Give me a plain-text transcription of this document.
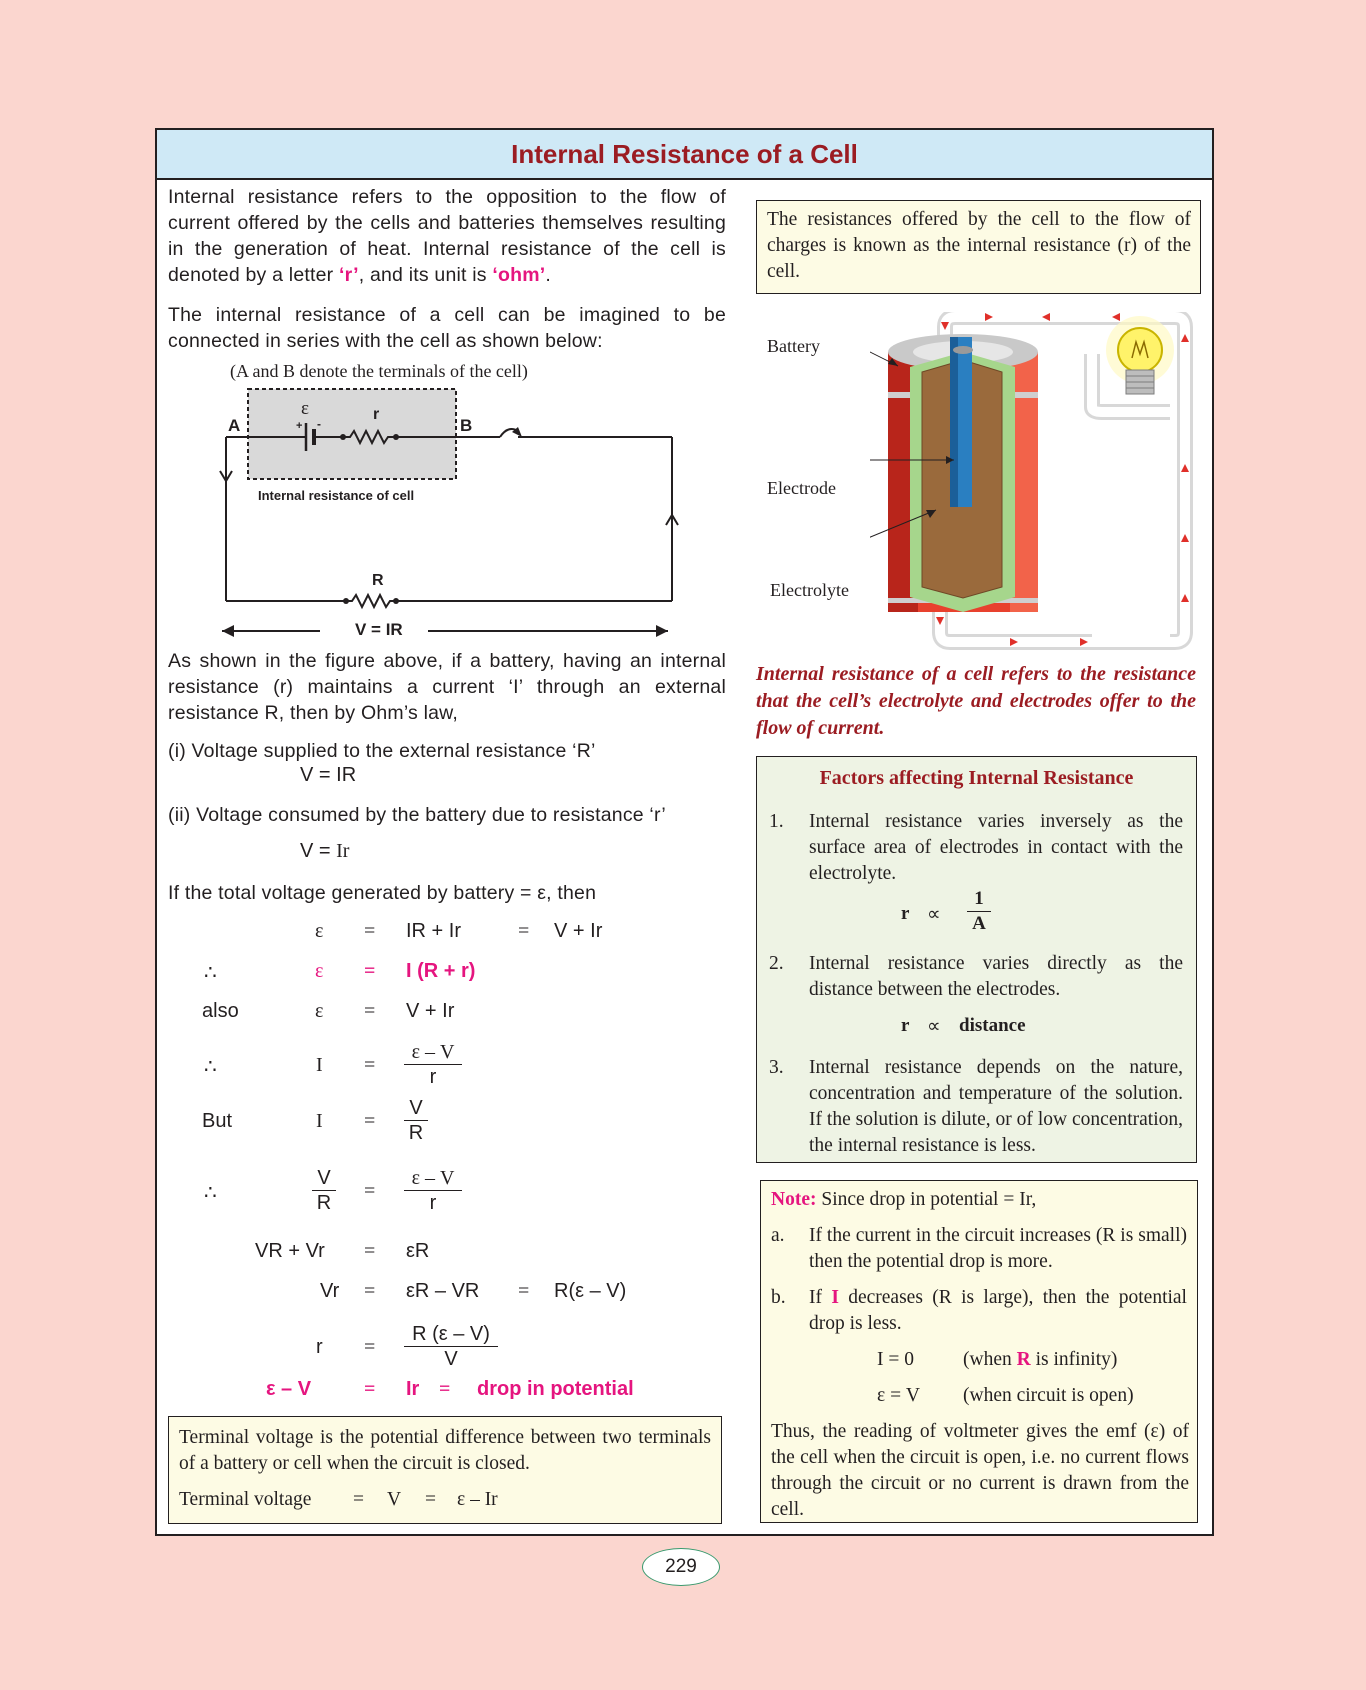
Internal Resistance of a Cell
Internal resistance refers to the opposition to the flow of current offered by the cells and batteries themselves resulting in the generation of heat. Internal resistance of the cell is denoted by a letter ‘r’, and its unit is ‘ohm’.
The internal resistance of a cell can be imagined to be connected in series with the cell as shown below:
(A and B denote the terminals of the cell)
A	B
ε
+ -
r
Internal resistance of cell
R
V = IR
As shown in the figure above, if a battery, having an internal resistance (r) maintains a current ‘I’ through an external resistance R, then by Ohm’s law,
(i) Voltage supplied to the external resistance ‘R’
V = IR
(ii) Voltage consumed by the battery due to resistance ‘r’
V = Ir
If the total voltage generated by battery = ε, then
ε = IR + Ir	= V + Ir
∴	ε = I (R + r)
also	ε = V + Ir
∴	$I = \frac{\varepsilon - V}{r}$
But	$I = \frac{V}{R}$
∴	$\frac{V}{R} = \frac{\varepsilon - V}{r}$
VR + Vr = εR
Vr = εR – VR = R(ε – V)
$r = \frac{R (\varepsilon - V)}{V}$
ε – V	= Ir = drop in potential
Terminal voltage is the potential difference between two terminals of a battery or cell when the circuit is closed.
Terminal voltage = V = ε – Ir
The resistances offered by the cell to the flow of charges is known as the internal resistance (r) of the cell.
Battery
Electrode
Electrolyte
Internal resistance of a cell refers to the resistance that the cell’s electrolyte and electrodes offer to the flow of current.
Factors affecting Internal Resistance
1. Internal resistance varies inversely as the surface area of electrodes in contact with the electrolyte.
$r \propto \frac{1}{A}$
2. Internal resistance varies directly as the distance between the electrodes.
r ∝ distance
3. Internal resistance depends on the nature, concentration and temperature of the solution. If the solution is dilute, or of low concentration, the internal resistance is less.
Note: Since drop in potential = Ir,
a. If the current in the circuit increases (R is small) then the potential drop is more.
b. If I decreases (R is large), then the potential drop is less.
I = 0	(when R is infinity)
ε = V (when circuit is open)
Thus, the reading of voltmeter gives the emf (ε) of the cell when the circuit is open, i.e. no current flows through the circuit or no current is drawn from the cell.
229
